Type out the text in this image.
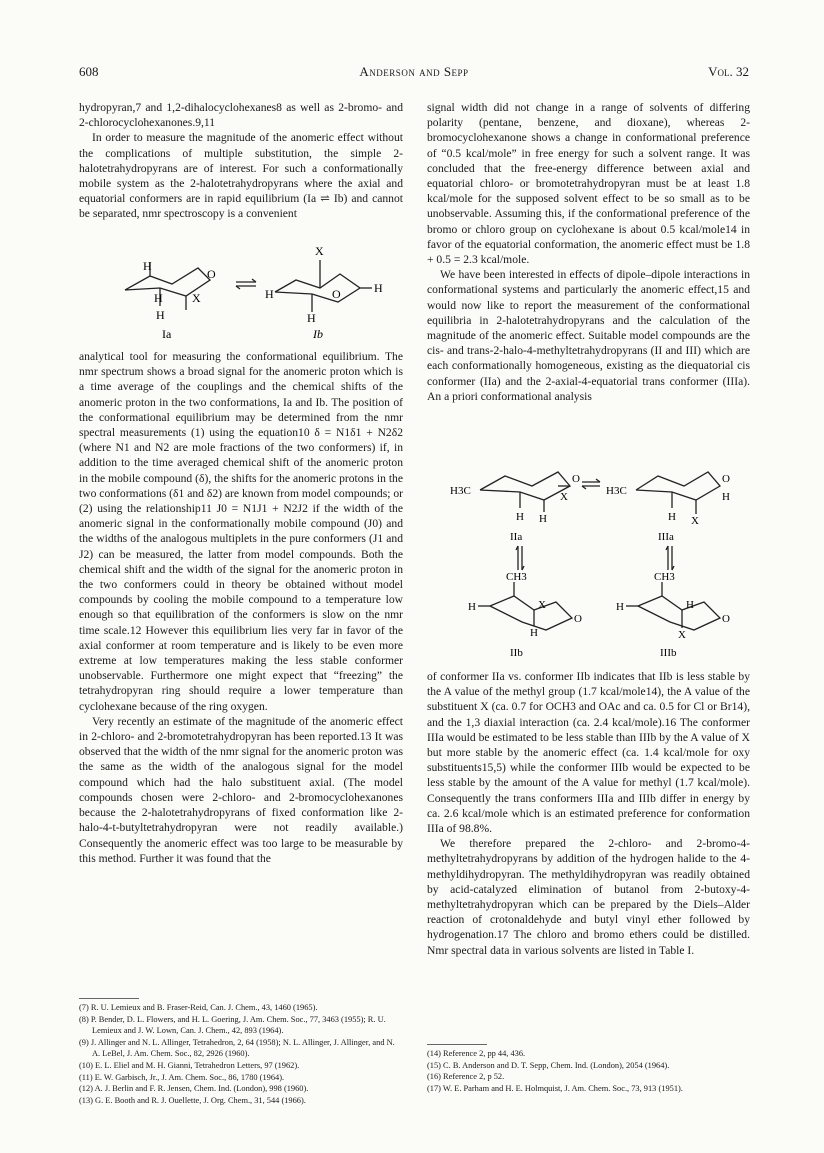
608	Anderson and Sepp	Vol. 32

hydropyran,7 and 1,2-dihalocyclohexanes8 as well as 2-bromo- and 2-chlorocyclohexanones.9,11

In order to measure the magnitude of the anomeric effect without the complications of multiple substitution, the simple 2-halotetrahydropyrans are of interest. For such a conformationally mobile system as the 2-halotetrahydropyrans where the axial and equatorial conformers are in rapid equilibrium (Ia ⇌ Ib) and cannot be separated, nmr spectroscopy is a convenient

H
O
H X
H
X
H	O	H
H
Ia	Ib

analytical tool for measuring the conformational equilibrium. The nmr spectrum shows a broad signal for the anomeric proton which is a time average of the couplings and the chemical shifts of the anomeric proton in the two conformations, Ia and Ib. The position of the conformational equilibrium may be determined from the nmr spectral measurements (1) using the equation10 δ = N1δ1 + N2δ2 (where N1 and N2 are mole fractions of the two conformers) if, in addition to the time averaged chemical shift of the anomeric proton in the mobile compound (δ), the shifts for the anomeric protons in the two conformations (δ1 and δ2) are known from model compounds; or (2) using the relationship11 J0 = N1J1 + N2J2 if the width of the anomeric signal in the conformationally mobile compound (J0) and the widths of the analogous multiplets in the pure conformers (J1 and J2) can be measured, the latter from model compounds. Both the chemical shift and the width of the signal for the anomeric proton in the two conformers could in theory be obtained without model compounds by cooling the mobile compound to a temperature low enough so that equilibration of the conformers is slow on the nmr time scale.12 However this equilibrium lies very far in favor of the axial conformer at room temperature and is likely to be even more extreme at low temperatures making the less stable conformer unobservable. Furthermore one might expect that “freezing” the tetrahydropyran ring should require a lower temperature than cyclohexane because of the ring oxygen.

Very recently an estimate of the magnitude of the anomeric effect in 2-chloro- and 2-bromotetrahydropyran has been reported.13 It was observed that the width of the nmr signal for the anomeric proton was the same as the width of the analogous signal for the model compound which had the halo substituent axial. (The model compounds chosen were 2-chloro- and 2-bromocyclohexanones because the 2-halotetrahydropyrans of fixed conformation like 2-halo-4-t-butyltetrahydropyran were not readily available.) Consequently the anomeric effect was too large to be measurable by this method. Further it was found that the

signal width did not change in a range of solvents of differing polarity (pentane, benzene, and dioxane), whereas 2-bromocyclohexanone shows a change in conformational preference of “0.5 kcal/mole” in free energy for such a solvent range. It was concluded that the free-energy difference between axial and equatorial chloro- or bromotetrahydropyran must be at least 1.8 kcal/mole for the supposed solvent effect to be so small as to be unobservable. Assuming this, if the conformational preference of the bromo or chloro group on cyclohexane is about 0.5 kcal/mole14 in favor of the equatorial conformation, the anomeric effect must be 1.8 + 0.5 = 2.3 kcal/mole.

We have been interested in effects of dipole–dipole interactions in conformational systems and particularly the anomeric effect,15 and would now like to report the measurement of the conformational equilibria in 2-halotetrahydropyrans and the calculation of the magnitude of the anomeric effect. Suitable model compounds are the cis- and trans-2-halo-4-methyltetrahydropyrans (II and III) which are each conformationally homogeneous, existing as the diequatorial cis conformer (IIa) and the 2-axial-4-equatorial trans conformer (IIIa). An a priori conformational analysis

H3C
O
X
H H
IIa
H3C
O
H
H X
IIIa
CH3
H	X
O
H
IIb
CH3
H	H
O
X
IIIb

of conformer IIa vs. conformer IIb indicates that IIb is less stable by the A value of the methyl group (1.7 kcal/mole14), the A value of the substituent X (ca. 0.7 for OCH3 and OAc and ca. 0.5 for Cl or Br14), and the 1,3 diaxial interaction (ca. 2.4 kcal/mole).16 The conformer IIIa would be estimated to be less stable than IIIb by the A value of X but more stable by the anomeric effect (ca. 1.4 kcal/mole for oxy substituents15,5) while the conformer IIIb would be expected to be less stable by the amount of the A value for methyl (1.7 kcal/mole). Consequently the trans conformers IIIa and IIIb differ in energy by ca. 2.6 kcal/mole which is an estimated preference for conformation IIIa of 98.8%.

We therefore prepared the 2-chloro- and 2-bromo-4-methyltetrahydropyrans by addition of the hydrogen halide to the 4-methyldihydropyran. The methyldihydropyran was readily obtained by acid-catalyzed elimination of butanol from 2-butoxy-4-methyltetrahydropyran which can be prepared by the Diels–Alder reaction of crotonaldehyde and butyl vinyl ether followed by hydrogenation.17 The chloro and bromo ethers could be distilled. Nmr spectral data in various solvents are listed in Table I.

(7) R. U. Lemieux and B. Fraser-Reid, Can. J. Chem., 43, 1460 (1965).
(8) P. Bender, D. L. Flowers, and H. L. Goering, J. Am. Chem. Soc., 77, 3463 (1955); R. U. Lemieux and J. W. Lown, Can. J. Chem., 42, 893 (1964).
(9) J. Allinger and N. L. Allinger, Tetrahedron, 2, 64 (1958); N. L. Allinger, J. Allinger, and N. A. LeBel, J. Am. Chem. Soc., 82, 2926 (1960).
(10) E. L. Eliel and M. H. Gianni, Tetrahedron Letters, 97 (1962).
(11) E. W. Garbisch, Jr., J. Am. Chem. Soc., 86, 1780 (1964).
(12) A. J. Berlin and F. R. Jensen, Chem. Ind. (London), 998 (1960).
(13) G. E. Booth and R. J. Ouellette, J. Org. Chem., 31, 544 (1966).
(14) Reference 2, pp 44, 436.
(15) C. B. Anderson and D. T. Sepp, Chem. Ind. (London), 2054 (1964).
(16) Reference 2, p 52.
(17) W. E. Parham and H. E. Holmquist, J. Am. Chem. Soc., 73, 913 (1951).
